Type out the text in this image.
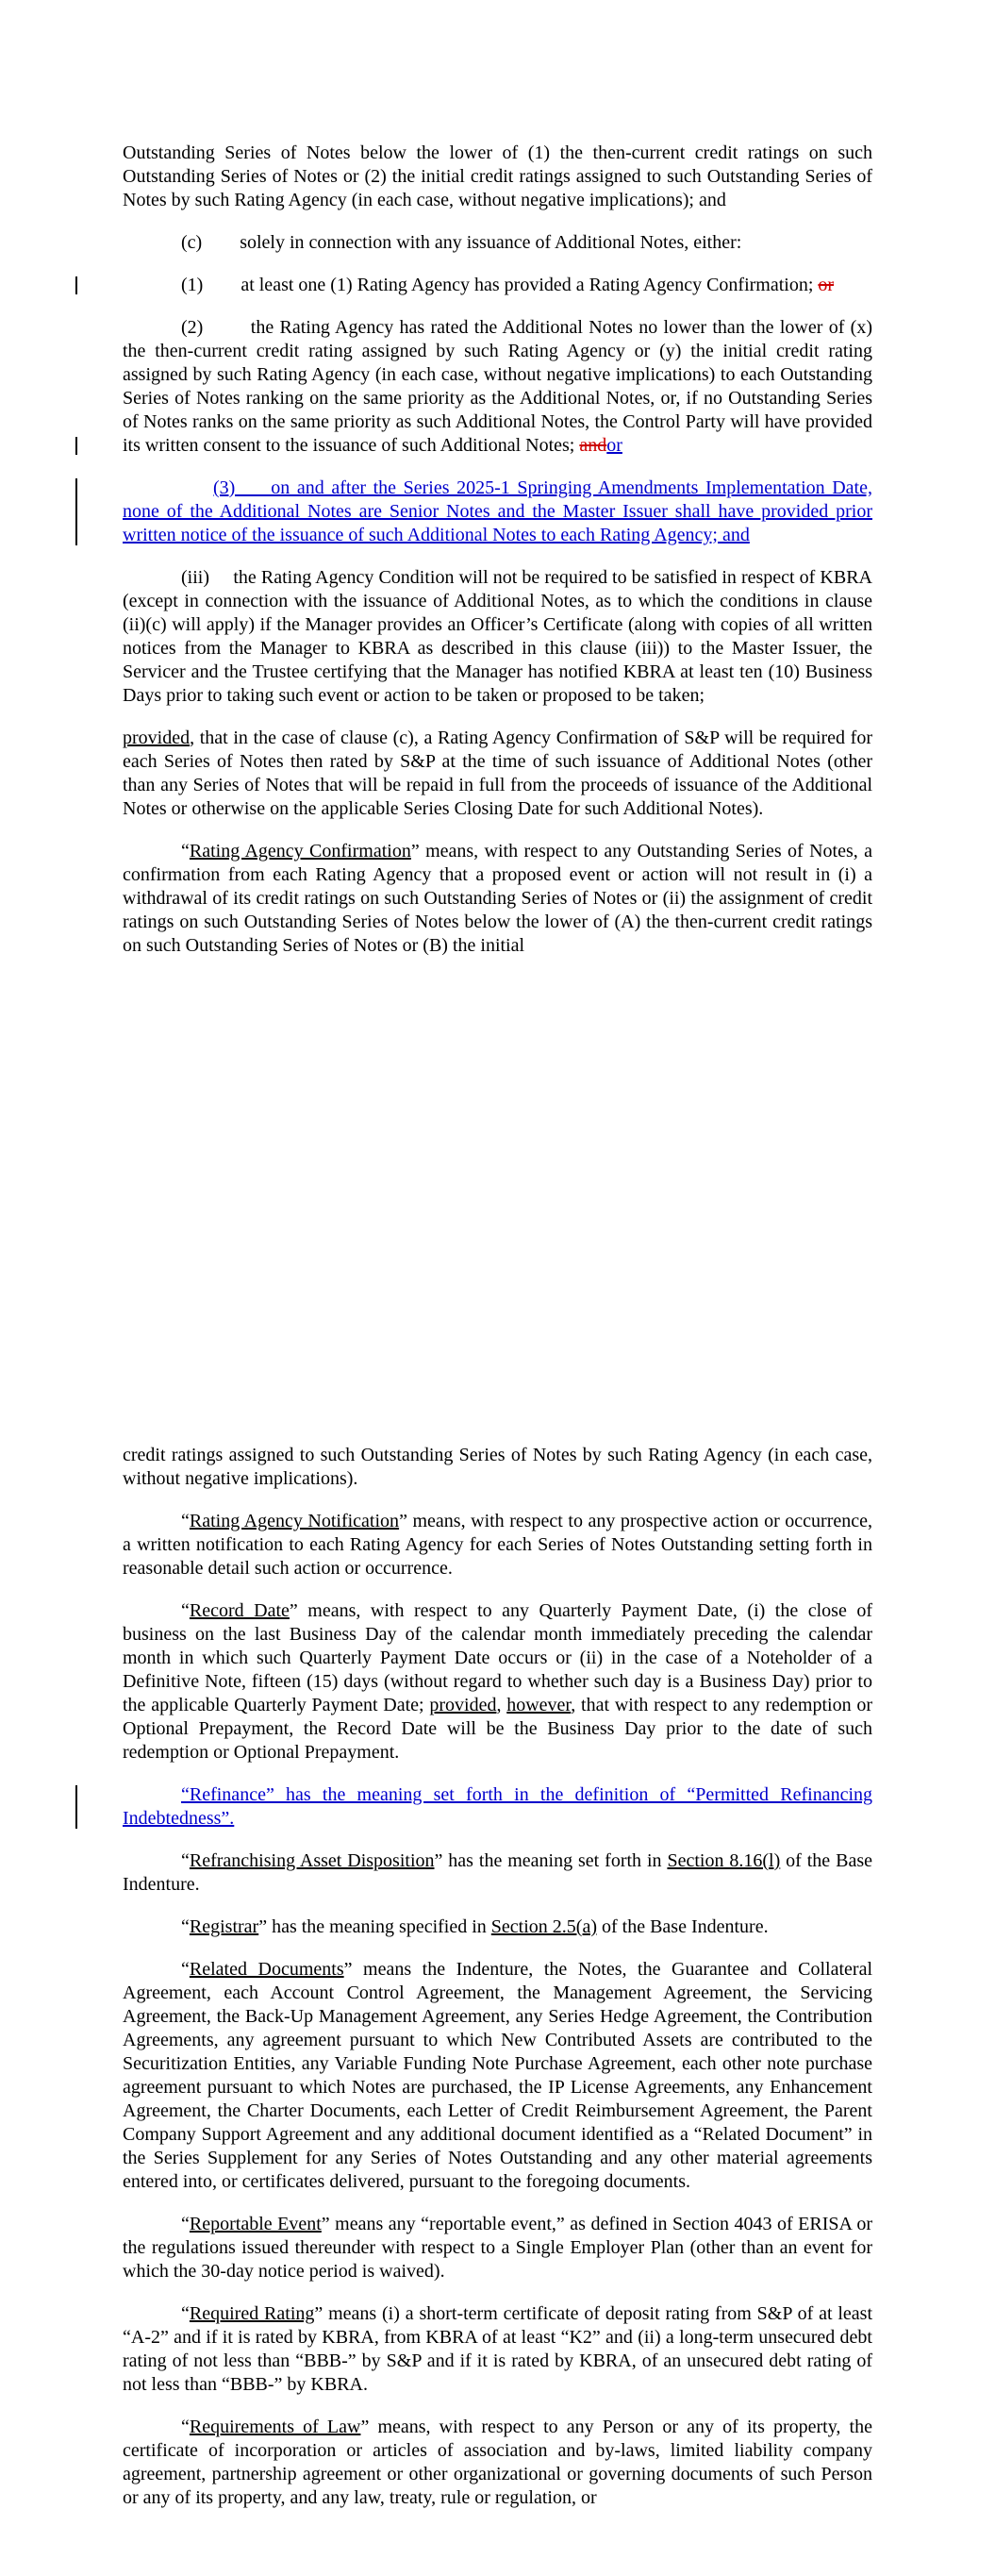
Outstanding Series of Notes below the lower of (1) the then-current credit ratings on such Outstanding Series of Notes or (2) the initial credit ratings assigned to such Outstanding Series of Notes by such Rating Agency (in each case, without negative implications); and

(c)        solely in connection with any issuance of Additional Notes, either:

(1)        at least one (1) Rating Agency has provided a Rating Agency Confirmation; or

(2)        the Rating Agency has rated the Additional Notes no lower than the lower of (x) the then-current credit rating assigned by such Rating Agency or (y) the initial credit rating assigned by such Rating Agency (in each case, without negative implications) to each Outstanding Series of Notes ranking on the same priority as the Additional Notes, or, if no Outstanding Series of Notes ranks on the same priority as such Additional Notes, the Control Party will have provided its written consent to the issuance of such Additional Notes; andor

(3)     on and after the Series 2025-1 Springing Amendments Implementation Date, none of the Additional Notes are Senior Notes and the Master Issuer shall have provided prior written notice of the issuance of such Additional Notes to each Rating Agency; and

(iii)     the Rating Agency Condition will not be required to be satisfied in respect of KBRA (except in connection with the issuance of Additional Notes, as to which the conditions in clause (ii)(c) will apply) if the Manager provides an Officer’s Certificate (along with copies of all written notices from the Manager to KBRA as described in this clause (iii)) to the Master Issuer, the Servicer and the Trustee certifying that the Manager has notified KBRA at least ten (10) Business Days prior to taking such event or action to be taken or proposed to be taken;

provided, that in the case of clause (c), a Rating Agency Confirmation of S&P will be required for each Series of Notes then rated by S&P at the time of such issuance of Additional Notes (other than any Series of Notes that will be repaid in full from the proceeds of issuance of the Additional Notes or otherwise on the applicable Series Closing Date for such Additional Notes).

“Rating Agency Confirmation” means, with respect to any Outstanding Series of Notes, a confirmation from each Rating Agency that a proposed event or action will not result in (i) a withdrawal of its credit ratings on such Outstanding Series of Notes or (ii) the assignment of credit ratings on such Outstanding Series of Notes below the lower of (A) the then-current credit ratings on such Outstanding Series of Notes or (B) the initial

credit ratings assigned to such Outstanding Series of Notes by such Rating Agency (in each case, without negative implications).

“Rating Agency Notification” means, with respect to any prospective action or occurrence, a written notification to each Rating Agency for each Series of Notes Outstanding setting forth in reasonable detail such action or occurrence.

“Record Date” means, with respect to any Quarterly Payment Date, (i) the close of business on the last Business Day of the calendar month immediately preceding the calendar month in which such Quarterly Payment Date occurs or (ii) in the case of a Noteholder of a Definitive Note, fifteen (15) days (without regard to whether such day is a Business Day) prior to the applicable Quarterly Payment Date; provided, however, that with respect to any redemption or Optional Prepayment, the Record Date will be the Business Day prior to the date of such redemption or Optional Prepayment.

“Refinance” has the meaning set forth in the definition of “Permitted Refinancing Indebtedness”.

“Refranchising Asset Disposition” has the meaning set forth in Section 8.16(l) of the Base Indenture.

“Registrar” has the meaning specified in Section 2.5(a) of the Base Indenture.

“Related Documents” means the Indenture, the Notes, the Guarantee and Collateral Agreement, each Account Control Agreement, the Management Agreement, the Servicing Agreement, the Back-Up Management Agreement, any Series Hedge Agreement, the Contribution Agreements, any agreement pursuant to which New Contributed Assets are contributed to the Securitization Entities, any Variable Funding Note Purchase Agreement, each other note purchase agreement pursuant to which Notes are purchased, the IP License Agreements, any Enhancement Agreement, the Charter Documents, each Letter of Credit Reimbursement Agreement, the Parent Company Support Agreement and any additional document identified as a “Related Document” in the Series Supplement for any Series of Notes Outstanding and any other material agreements entered into, or certificates delivered, pursuant to the foregoing documents.

“Reportable Event” means any “reportable event,” as defined in Section 4043 of ERISA or the regulations issued thereunder with respect to a Single Employer Plan (other than an event for which the 30-day notice period is waived).

“Required Rating” means (i) a short-term certificate of deposit rating from S&P of at least “A-2” and if it is rated by KBRA, from KBRA of at least “K2” and (ii) a long-term unsecured debt rating of not less than “BBB-” by S&P and if it is rated by KBRA, of an unsecured debt rating of not less than “BBB-” by KBRA.

“Requirements of Law” means, with respect to any Person or any of its property, the certificate of incorporation or articles of association and by-laws, limited liability company agreement, partnership agreement or other organizational or governing documents of such Person or any of its property, and any law, treaty, rule or regulation, or
